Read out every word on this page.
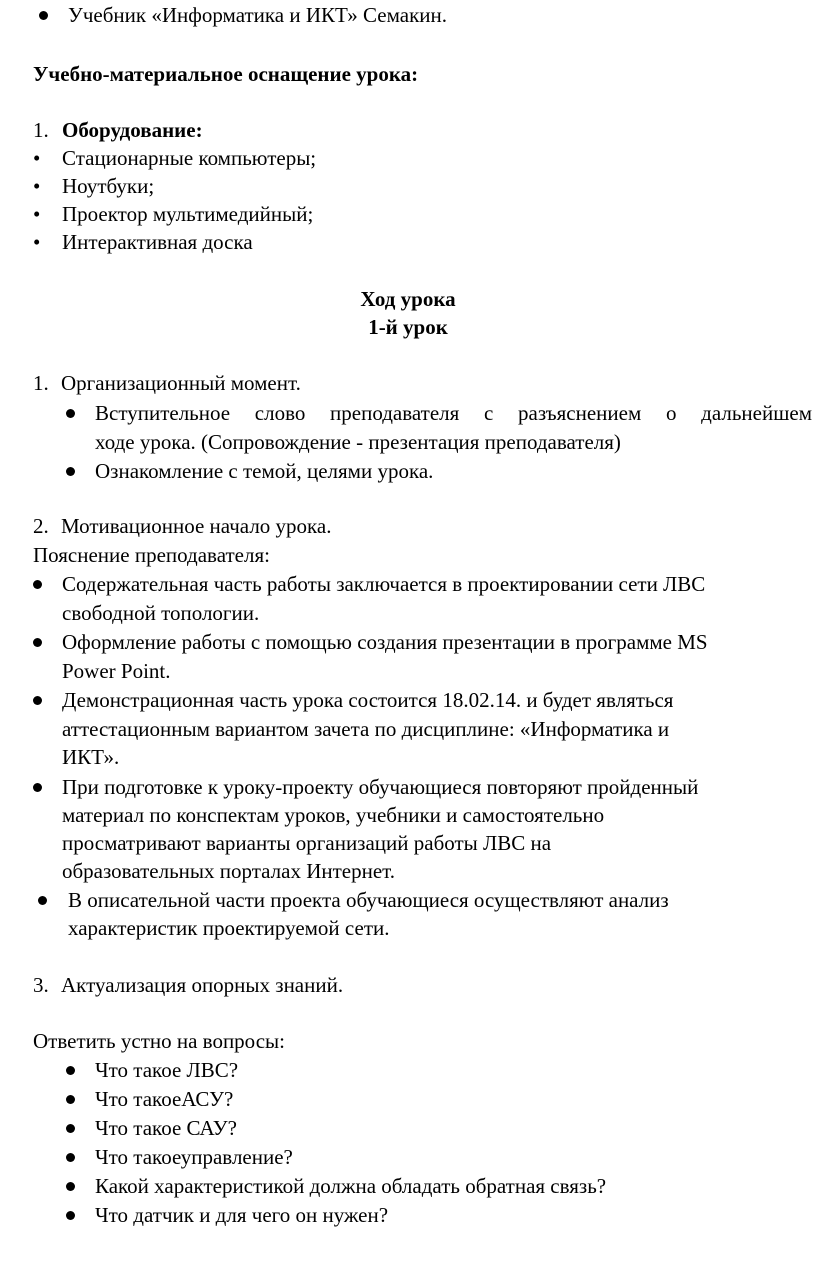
Учебник «Информатика и ИКТ» Семакин.
Учебно-материальное оснащение урока:
1. Оборудование:
• Стационарные компьютеры;
• Ноутбуки;
• Проектор мультимедийный;
• Интерактивная доска
Ход урока
1-й урок
1. Организационный момент.
Вступительное слово преподавателя с разъяснением о дальнейшем
ходе урока. (Сопровождение - презентация преподавателя)
Ознакомление с темой, целями урока.
2. Мотивационное начало урока.
Пояснение преподавателя:
Содержательная часть работы заключается в проектировании сети ЛВС
свободной топологии.
Оформление работы с помощью создания презентации в программе MS
Power Point.
Демонстрационная часть урока состоится 18.02.14. и будет являться
аттестационным вариантом зачета по дисциплине: «Информатика и
ИКТ».
При подготовке к уроку-проекту обучающиеся повторяют пройденный
материал по конспектам уроков, учебники и самостоятельно
просматривают варианты организаций работы ЛВС на
образовательных порталах Интернет.
В описательной части проекта обучающиеся осуществляют анализ
характеристик проектируемой сети.
3. Актуализация опорных знаний.
Ответить устно на вопросы:
Что такое ЛВС?
Что такоеАСУ?
Что такое САУ?
Что такоеуправление?
Какой характеристикой должна обладать обратная связь?
Что датчик и для чего он нужен?
